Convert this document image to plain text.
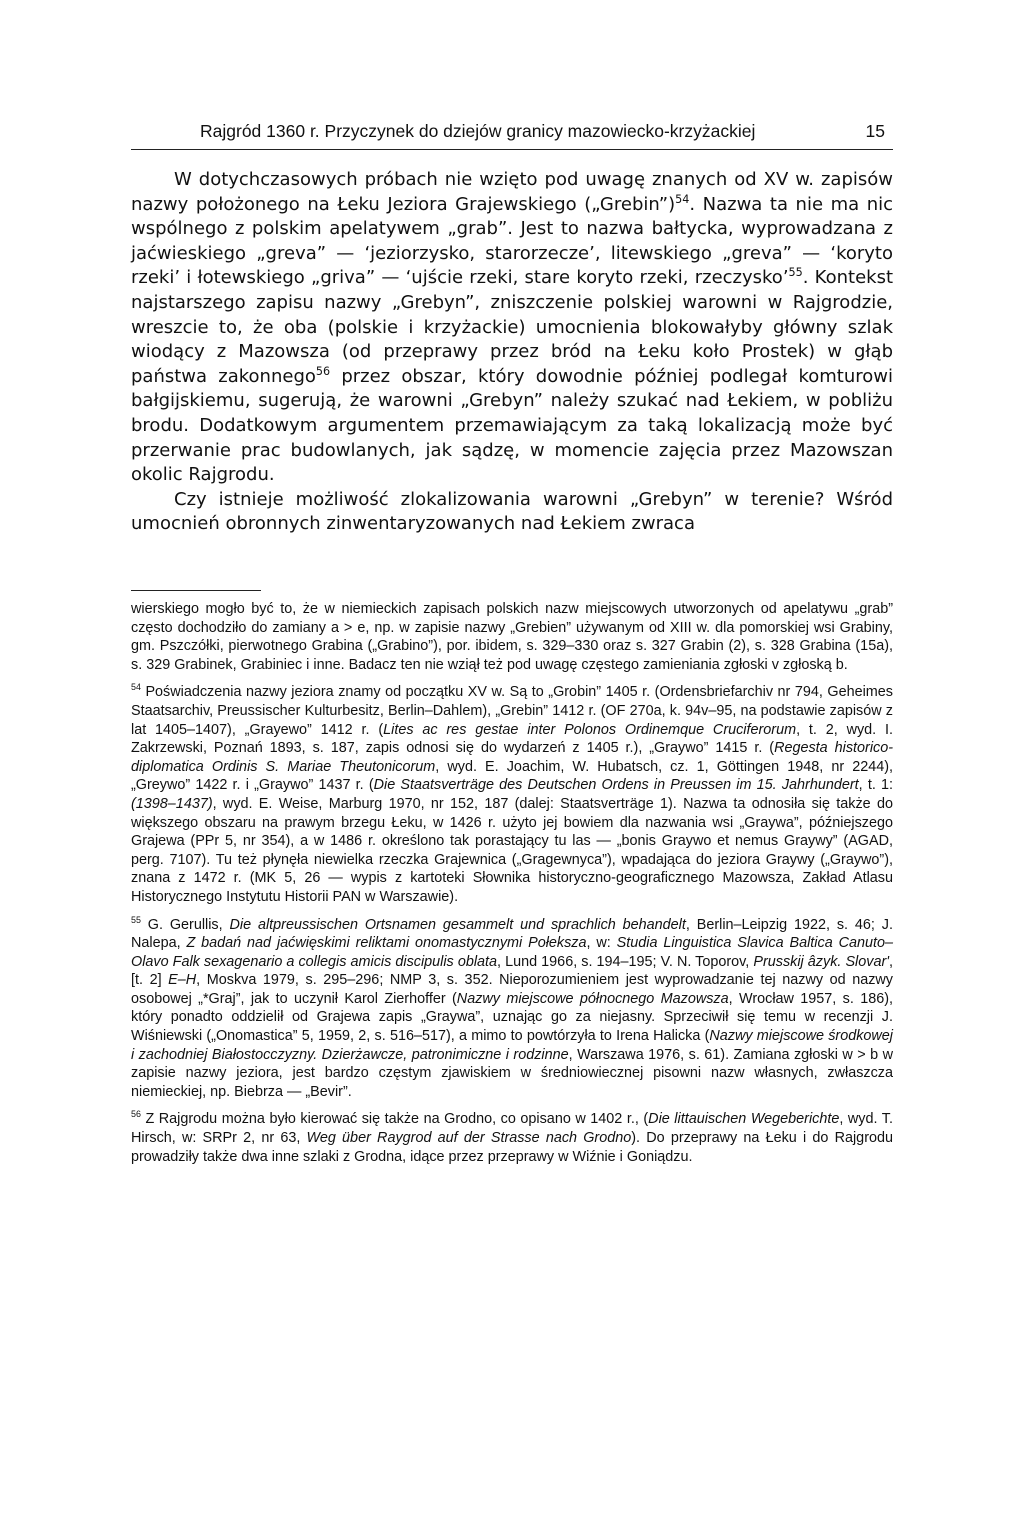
Rajgród 1360 r. Przyczynek do dziejów granicy mazowiecko-krzyżackiej	15

W dotychczasowych próbach nie wzięto pod uwagę znanych od XV w. zapisów nazwy położonego na Łeku Jeziora Grajewskiego („Grebin”)$^{54}$. Nazwa ta nie ma nic wspólnego z polskim apelatywem „grab”. Jest to nazwa bałtycka, wyprowadzana z jaćwieskiego „greva” — ‘jeziorzysko, starorzecze’, litewskiego „greva” — ‘koryto rzeki’ i łotewskiego „griva” — ‘ujście rzeki, stare koryto rzeki, rzeczysko’$^{55}$. Kontekst najstarszego zapisu nazwy „Grebyn”, zniszczenie polskiej warowni w Rajgrodzie, wreszcie to, że oba (polskie i krzyżackie) umocnienia blokowałyby główny szlak wiodący z Mazowsza (od przeprawy przez bród na Łeku koło Prostek) w głąb państwa zakonnego$^{56}$ przez obszar, który dowodnie później podlegał komturowi bałgijskiemu, sugerują, że warowni „Grebyn” należy szukać nad Łekiem, w pobliżu brodu. Dodatkowym argumentem przemawiającym za taką lokalizacją może być przerwanie prac budowlanych, jak sądzę, w momencie zajęcia przez Mazowszan okolic Rajgrodu.

Czy istnieje możliwość zlokalizowania warowni „Grebyn” w terenie? Wśród umocnień obronnych zinwentaryzowanych nad Łekiem zwraca

wierskiego mogło być to, że w niemieckich zapisach polskich nazw miejscowych utworzonych od apelatywu „grab” często dochodziło do zamiany a > e, np. w zapisie nazwy „Grebien” używanym od XIII w. dla pomorskiej wsi Grabiny, gm. Pszczółki, pierwotnego Grabina („Grabino”), por. ibidem, s. 329–330 oraz s. 327 Grabin (2), s. 328 Grabina (15a), s. 329 Grabinek, Grabiniec i inne. Badacz ten nie wziął też pod uwagę częstego zamieniania zgłoski v zgłoską b.

$^{54}$ Poświadczenia nazwy jeziora znamy od początku XV w. Są to „Grobin” 1405 r. (Ordensbriefarchiv nr 794, Geheimes Staatsarchiv, Preussischer Kulturbesitz, Berlin–Dahlem), „Grebin” 1412 r. (OF 270a, k. 94v–95, na podstawie zapisów z lat 1405–1407), „Grayewo” 1412 r. (Lites ac res gestae inter Polonos Ordinemque Cruciferorum, t. 2, wyd. I. Zakrzewski, Poznań 1893, s. 187, zapis odnosi się do wydarzeń z 1405 r.), „Graywo” 1415 r. (Regesta historico-diplomatica Ordinis S. Mariae Theutonicorum, wyd. E. Joachim, W. Hubatsch, cz. 1, Göttingen 1948, nr 2244), „Greywo” 1422 r. i „Graywo” 1437 r. (Die Staatsverträge des Deutschen Ordens in Preussen im 15. Jahrhundert, t. 1: (1398–1437), wyd. E. Weise, Marburg 1970, nr 152, 187 (dalej: Staatsverträge 1). Nazwa ta odnosiła się także do większego obszaru na prawym brzegu Łeku, w 1426 r. użyto jej bowiem dla nazwania wsi „Graywa”, późniejszego Grajewa (PPr 5, nr 354), a w 1486 r. określono tak porastający tu las — „bonis Graywo et nemus Graywy” (AGAD, perg. 7107). Tu też płynęła niewielka rzeczka Grajewnica („Gragewnyca”), wpadająca do jeziora Graywy („Graywo”), znana z 1472 r. (MK 5, 26 — wypis z kartoteki Słownika historyczno-geograficznego Mazowsza, Zakład Atlasu Historycznego Instytutu Historii PAN w Warszawie).

$^{55}$ G. Gerullis, Die altpreussischen Ortsnamen gesammelt und sprachlich behandelt, Berlin–Leipzig 1922, s. 46; J. Nalepa, Z badań nad jaćwięskimi reliktami onomastycznymi Połeksza, w: Studia Linguistica Slavica Baltica Canuto–Olavo Falk sexagenario a collegis amicis discipulis oblata, Lund 1966, s. 194–195; V. N. Toporov, Prusskij âzyk. Slovar', [t. 2] E–H, Moskva 1979, s. 295–296; NMP 3, s. 352. Nieporozumieniem jest wyprowadzanie tej nazwy od nazwy osobowej „*Graj”, jak to uczynił Karol Zierhoffer (Nazwy miejscowe północnego Mazowsza, Wrocław 1957, s. 186), który ponadto oddzielił od Grajewa zapis „Graywa”, uznając go za niejasny. Sprzeciwił się temu w recenzji J. Wiśniewski („Onomastica” 5, 1959, 2, s. 516–517), a mimo to powtórzyła to Irena Halicka (Nazwy miejscowe środkowej i zachodniej Białostocczyzny. Dzierżawcze, patronimiczne i rodzinne, Warszawa 1976, s. 61). Zamiana zgłoski w > b w zapisie nazwy jeziora, jest bardzo częstym zjawiskiem w średniowiecznej pisowni nazw własnych, zwłaszcza niemieckiej, np. Biebrza — „Bevir”.

$^{56}$ Z Rajgrodu można było kierować się także na Grodno, co opisano w 1402 r., (Die littauischen Wegeberichte, wyd. T. Hirsch, w: SRPr 2, nr 63, Weg über Raygrod auf der Strasse nach Grodno). Do przeprawy na Łeku i do Rajgrodu prowadziły także dwa inne szlaki z Grodna, idące przez przeprawy w Wiźnie i Goniądzu.
